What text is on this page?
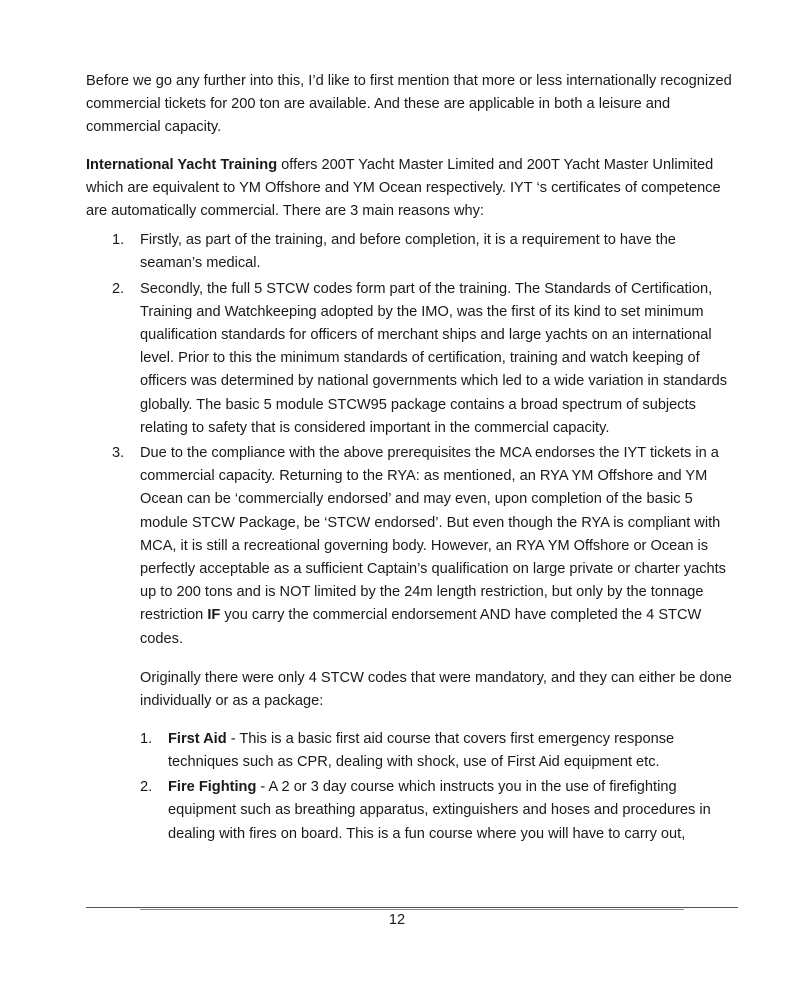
Before we go any further into this, I’d like to first mention that more or less internationally recognized commercial tickets for 200 ton are available. And these are applicable in both a leisure and commercial capacity.

International Yacht Training offers 200T Yacht Master Limited and 200T Yacht Master Unlimited which are equivalent to YM Offshore and YM Ocean respectively. IYT ‘s certificates of competence are automatically commercial. There are 3 main reasons why:

1. Firstly, as part of the training, and before completion, it is a requirement to have the seaman’s medical.
2. Secondly, the full 5 STCW codes form part of the training. The Standards of Certification, Training and Watchkeeping adopted by the IMO, was the first of its kind to set minimum qualification standards for officers of merchant ships and large yachts on an international level. Prior to this the minimum standards of certification, training and watch keeping of officers was determined by national governments which led to a wide variation in standards globally. The basic 5 module STCW95 package contains a broad spectrum of subjects relating to safety that is considered important in the commercial capacity.
3. Due to the compliance with the above prerequisites the MCA endorses the IYT tickets in a commercial capacity. Returning to the RYA: as mentioned, an RYA YM Offshore and YM Ocean can be ‘commercially endorsed’ and may even, upon completion of the basic 5 module STCW Package, be ‘STCW endorsed’. But even though the RYA is compliant with MCA, it is still a recreational governing body. However, an RYA YM Offshore or Ocean is perfectly acceptable as a sufficient Captain’s qualification on large private or charter yachts up to 200 tons and is NOT limited by the 24m length restriction, but only by the tonnage restriction IF you carry the commercial endorsement AND have completed the 4 STCW codes.

Originally there were only 4 STCW codes that were mandatory, and they can either be done individually or as a package:

1. First Aid - This is a basic first aid course that covers first emergency response techniques such as CPR, dealing with shock, use of First Aid equipment etc.
2. Fire Fighting - A 2 or 3 day course which instructs you in the use of firefighting equipment such as breathing apparatus, extinguishers and hoses and procedures in dealing with fires on board. This is a fun course where you will have to carry out,
12
